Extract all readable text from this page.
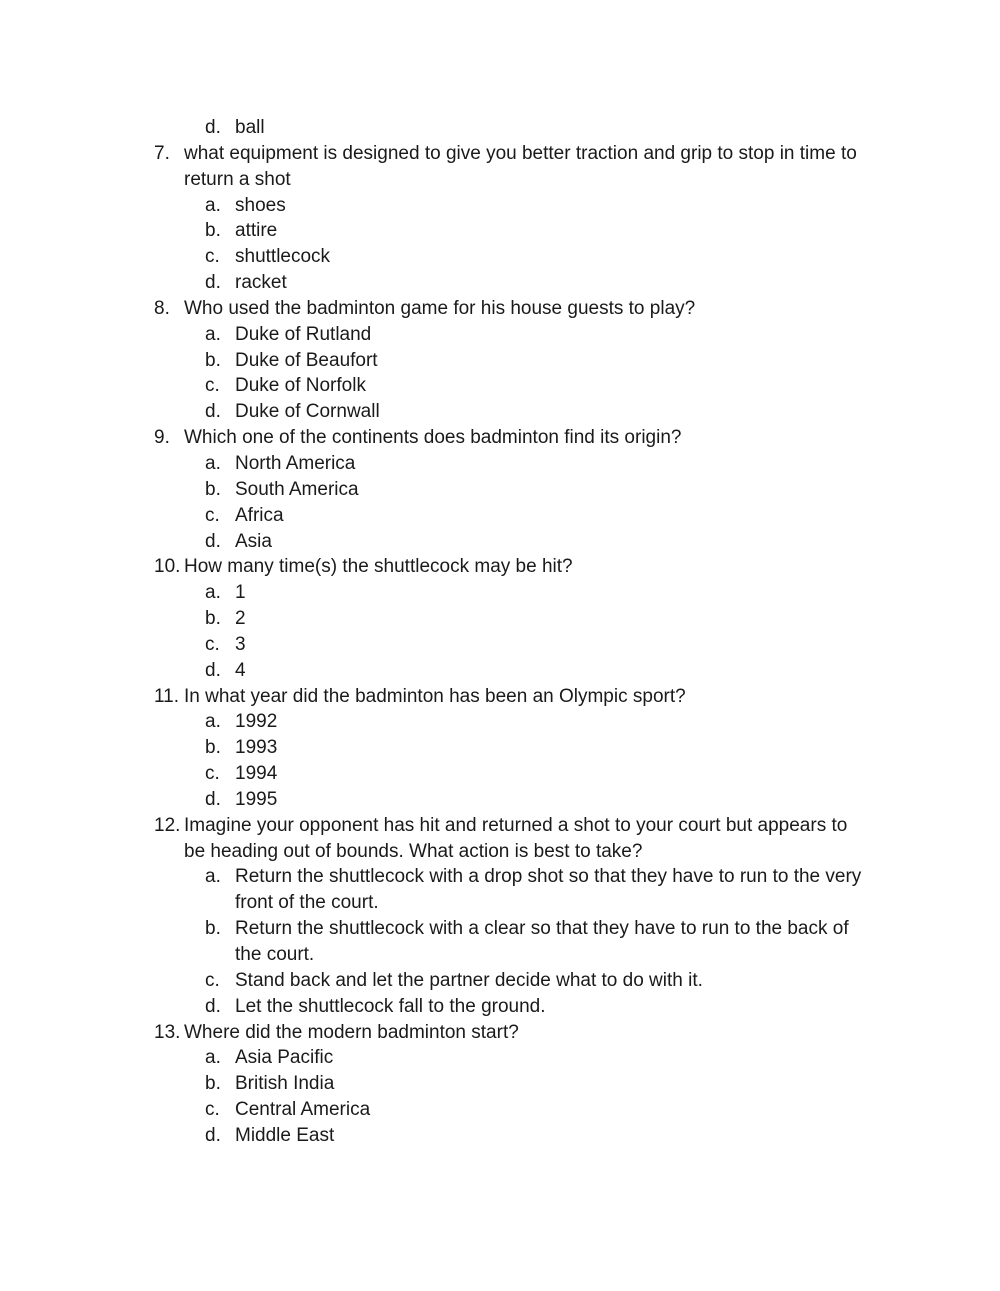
d. ball
7. what equipment is designed to give you better traction and grip to stop in time to
return a shot
a. shoes
b. attire
c. shuttlecock
d. racket
8. Who used the badminton game for his house guests to play?
a. Duke of Rutland
b. Duke of Beaufort
c. Duke of Norfolk
d. Duke of Cornwall
9. Which one of the continents does badminton find its origin?
a. North America
b. South America
c. Africa
d. Asia
10. How many time(s) the shuttlecock may be hit?
a. 1
b. 2
c. 3
d. 4
11. In what year did the badminton has been an Olympic sport?
a. 1992
b. 1993
c. 1994
d. 1995
12. Imagine your opponent has hit and returned a shot to your court but appears to
be heading out of bounds. What action is best to take?
a. Return the shuttlecock with a drop shot so that they have to run to the very
front of the court.
b. Return the shuttlecock with a clear so that they have to run to the back of
the court.
c. Stand back and let the partner decide what to do with it.
d. Let the shuttlecock fall to the ground.
13. Where did the modern badminton start?
a. Asia Pacific
b. British India
c. Central America
d. Middle East
